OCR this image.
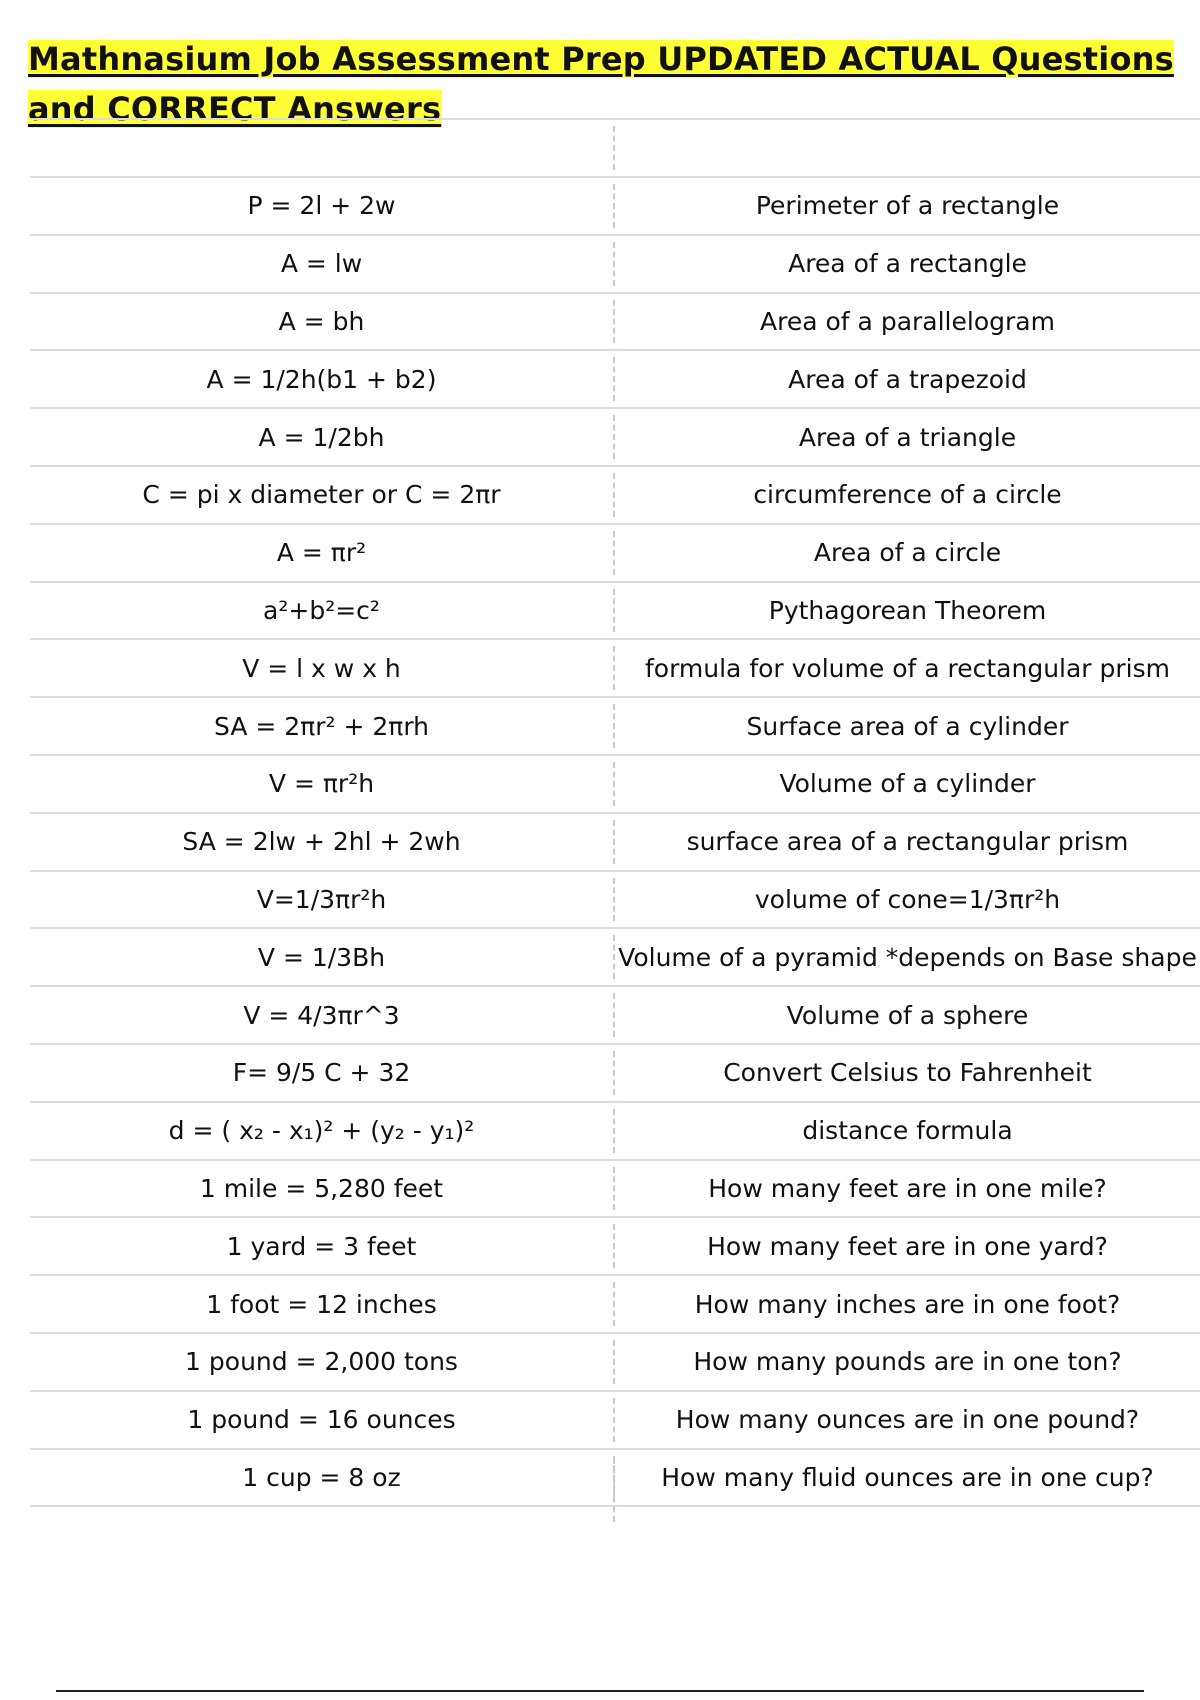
Mathnasium Job Assessment Prep UPDATED ACTUAL Questions and CORRECT Answers
P = 2l + 2w	Perimeter of a rectangle
A = lw	Area of a rectangle
A = bh	Area of a parallelogram
A = 1/2h(b1 + b2)	Area of a trapezoid
A = 1/2bh	Area of a triangle
C = pi x diameter or C = 2πr	circumference of a circle
A = πr²	Area of a circle
a²+b²=c²	Pythagorean Theorem
V = l x w x h	formula for volume of a rectangular prism
SA = 2πr² + 2πrh	Surface area of a cylinder
V = πr²h	Volume of a cylinder
SA = 2lw + 2hl + 2wh	surface area of a rectangular prism
V=1/3πr²h	volume of cone=1/3πr²h
V = 1/3Bh	Volume of a pyramid *depends on Base shape
V = 4/3πr^3	Volume of a sphere
F= 9/5 C + 32	Convert Celsius to Fahrenheit
d = ( x₂ - x₁)² + (y₂ - y₁)²	distance formula
1 mile = 5,280 feet	How many feet are in one mile?
1 yard = 3 feet	How many feet are in one yard?
1 foot = 12 inches	How many inches are in one foot?
1 pound = 2,000 tons	How many pounds are in one ton?
1 pound = 16 ounces	How many ounces are in one pound?
1 cup = 8 oz	How many fluid ounces are in one cup?
